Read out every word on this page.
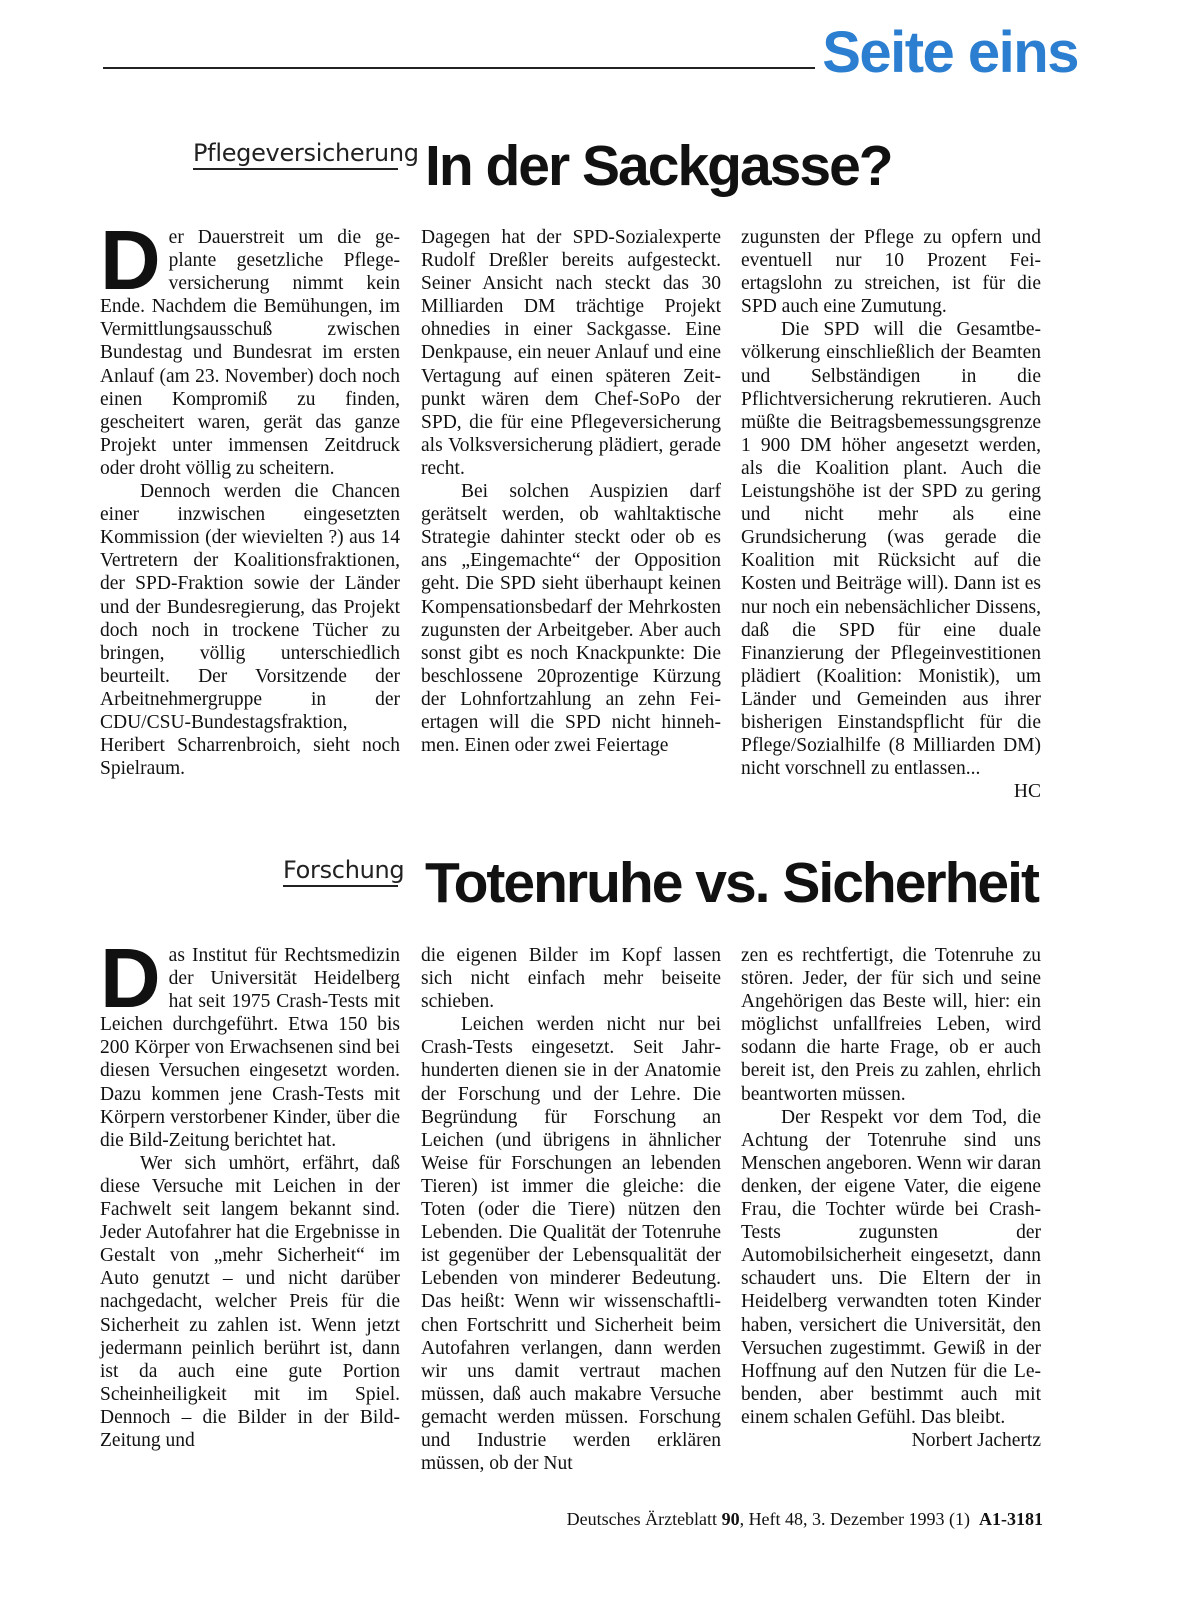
Seite eins
Pflegeversicherung In der Sackgasse?

Der Dauerstreit um die geplante gesetzliche Pflegeversicherung nimmt kein Ende. Nachdem die Bemühungen, im Vermittlungsausschuß zwischen Bundestag und Bundesrat im ersten Anlauf (am 23. November) doch noch einen Kompromiß zu finden, gescheitert waren, gerät das ganze Projekt unter immensen Zeitdruck oder droht völlig zu scheitern.

Dennoch werden die Chancen einer inzwischen eingesetzten Kommission (der wievielten ?) aus 14 Vertretern der Koalitionsfraktionen, der SPD-Fraktion sowie der Länder und der Bundesregierung, das Projekt doch noch in trockene Tücher zu bringen, völlig unterschiedlich beurteilt. Der Vorsitzende der Arbeitnehmergruppe in der CDU/CSU-Bundestagsfraktion, Heribert Scharrenbroich, sieht noch Spielraum.

Dagegen hat der SPD-Sozialexperte Rudolf Dreßler bereits aufgesteckt. Seiner Ansicht nach steckt das 30 Milliarden DM trächtige Projekt ohnedies in einer Sackgasse. Eine Denkpause, ein neuer Anlauf und eine Vertagung auf einen späteren Zeitpunkt wären dem Chef-SoPo der SPD, die für eine Pflegeversicherung als Volksversicherung plädiert, gerade recht.

Bei solchen Auspizien darf gerätselt werden, ob wahltaktische Strategie dahinter steckt oder ob es ans „Eingemachte“ der Opposition geht. Die SPD sieht überhaupt keinen Kompensationsbedarf der Mehrkosten zugunsten der Arbeitgeber. Aber auch sonst gibt es noch Knackpunkte: Die beschlossene 20prozentige Kürzung der Lohnfortzahlung an zehn Feiertagen will die SPD nicht hinnehmen. Einen oder zwei Feiertage

zugunsten der Pflege zu opfern und eventuell nur 10 Prozent Feiertagslohn zu streichen, ist für die SPD auch eine Zumutung.

Die SPD will die Gesamtbevölkerung einschließlich der Beamten und Selbständigen in die Pflichtversicherung rekrutieren. Auch müßte die Beitragsbemessungsgrenze 1 900 DM höher angesetzt werden, als die Koalition plant. Auch die Leistungshöhe ist der SPD zu gering und nicht mehr als eine Grundsicherung (was gerade die Koalition mit Rücksicht auf die Kosten und Beiträge will). Dann ist es nur noch ein nebensächlicher Dissens, daß die SPD für eine duale Finanzierung der Pflegeinvestitionen plädiert (Koalition: Monistik), um Länder und Gemeinden aus ihrer bisherigen Einstandspflicht für die Pflege/Sozialhilfe (8 Milliarden DM) nicht vorschnell zu entlassen...
HC

Forschung Totenruhe vs. Sicherheit

Das Institut für Rechtsmedizin der Universität Heidelberg hat seit 1975 Crash-Tests mit Leichen durchgeführt. Etwa 150 bis 200 Körper von Erwachsenen sind bei diesen Versuchen eingesetzt worden. Dazu kommen jene Crash-Tests mit Körpern verstorbener Kinder, über die die Bild-Zeitung berichtet hat.

Wer sich umhört, erfährt, daß diese Versuche mit Leichen in der Fachwelt seit langem bekannt sind. Jeder Autofahrer hat die Ergebnisse in Gestalt von „mehr Sicherheit“ im Auto genutzt – und nicht darüber nachgedacht, welcher Preis für die Sicherheit zu zahlen ist. Wenn jetzt jedermann peinlich berührt ist, dann ist da auch eine gute Portion Scheinheiligkeit mit im Spiel. Dennoch – die Bilder in der Bild-Zeitung und

die eigenen Bilder im Kopf lassen sich nicht einfach mehr beiseite schieben.

Leichen werden nicht nur bei Crash-Tests eingesetzt. Seit Jahrhunderten dienen sie in der Anatomie der Forschung und der Lehre. Die Begründung für Forschung an Leichen (und übrigens in ähnlicher Weise für Forschungen an lebenden Tieren) ist immer die gleiche: die Toten (oder die Tiere) nützen den Lebenden. Die Qualität der Totenruhe ist gegenüber der Lebensqualität der Lebenden von minderer Bedeutung. Das heißt: Wenn wir wissenschaftlichen Fortschritt und Sicherheit beim Autofahren verlangen, dann werden wir uns damit vertraut machen müssen, daß auch makabre Versuche gemacht werden müssen. Forschung und Industrie werden erklären müssen, ob der Nut

zen es rechtfertigt, die Totenruhe zu stören. Jeder, der für sich und seine Angehörigen das Beste will, hier: ein möglichst unfallfreies Leben, wird sodann die harte Frage, ob er auch bereit ist, den Preis zu zahlen, ehrlich beantworten müssen.

Der Respekt vor dem Tod, die Achtung der Totenruhe sind uns Menschen angeboren. Wenn wir daran denken, der eigene Vater, die eigene Frau, die Tochter würde bei Crash-Tests zugunsten der Automobilsicherheit eingesetzt, dann schaudert uns. Die Eltern der in Heidelberg verwandten toten Kinder haben, versichert die Universität, den Versuchen zugestimmt. Gewiß in der Hoffnung auf den Nutzen für die Lebenden, aber bestimmt auch mit einem schalen Gefühl. Das bleibt.

Norbert Jachertz

Deutsches Ärzteblatt 90, Heft 48, 3. Dezember 1993 (1) A1-3181
